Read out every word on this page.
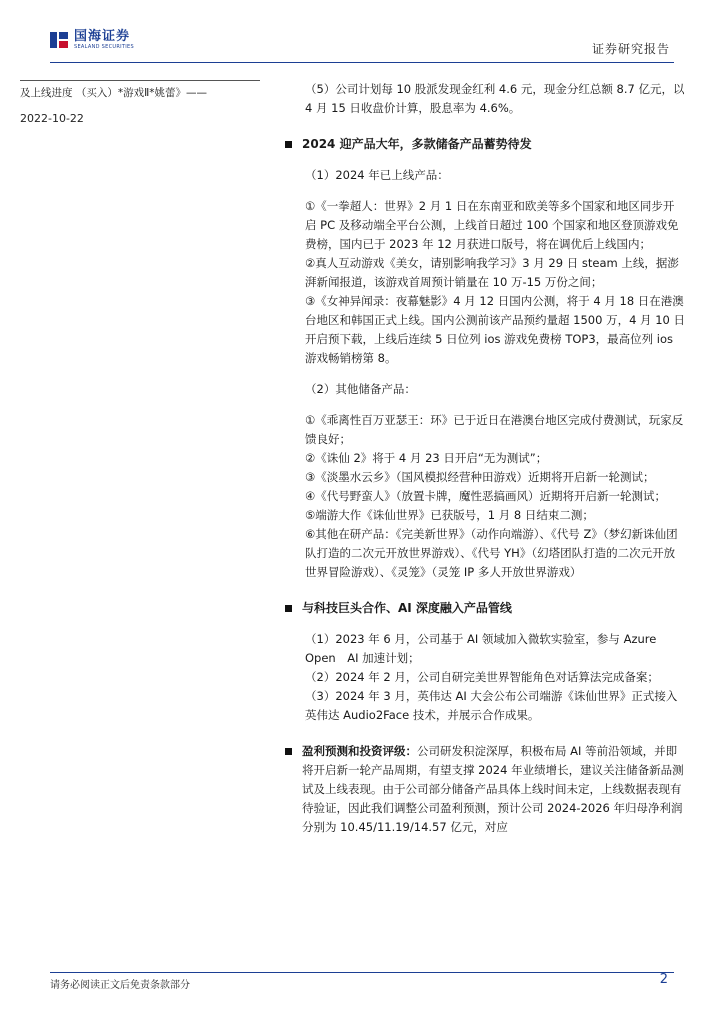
国海证券
SEALAND SECURITIES	证券研究报告
及上线进度 （买入）*游戏Ⅱ*姚蕾》——
2022-10-22

（5）公司计划每 10 股派发现金红利 4.6 元，现金分红总额 8.7 亿元，以 4 月 15 日收盘价计算，股息率为 4.6%。

2024 迎产品大年，多款储备产品蓄势待发

（1）2024 年已上线产品：

①《一拳超人：世界》2 月 1 日在东南亚和欧美等多个国家和地区同步开启 PC 及移动端全平台公测，上线首日超过 100 个国家和地区登顶游戏免费榜，国内已于 2023 年 12 月获进口版号，将在调优后上线国内；

②真人互动游戏《美女，请别影响我学习》3 月 29 日 steam 上线，据澎湃新闻报道，该游戏首周预计销量在 10 万-15 万份之间；

③《女神异闻录：夜幕魅影》4 月 12 日国内公测，将于 4 月 18 日在港澳台地区和韩国正式上线。国内公测前该产品预约量超 1500 万，4 月 10 日开启预下载，上线后连续 5 日位列 ios 游戏免费榜 TOP3，最高位列 ios 游戏畅销榜第 8。

（2）其他储备产品：

①《乖离性百万亚瑟王：环》已于近日在港澳台地区完成付费测试，玩家反馈良好；

②《诛仙 2》将于 4 月 23 日开启“无为测试”；

③《淡墨水云乡》（国风模拟经营种田游戏）近期将开启新一轮测试；

④《代号野蛮人》（放置卡牌，魔性恶搞画风）近期将开启新一轮测试；

⑤端游大作《诛仙世界》已获版号，1 月 8 日结束二测；

⑥其他在研产品：《完美新世界》（动作向端游）、《代号 Z》（梦幻新诛仙团队打造的二次元开放世界游戏）、《代号 YH》（幻塔团队打造的二次元开放世界冒险游戏）、《灵笼》（灵笼 IP 多人开放世界游戏）

与科技巨头合作、AI 深度融入产品管线

（1）2023 年 6 月，公司基于 AI 领域加入微软实验室，参与 Azure Open　AI 加速计划；

（2）2024 年 2 月，公司自研完美世界智能角色对话算法完成备案；

（3）2024 年 3 月，英伟达 AI 大会公布公司端游《诛仙世界》正式接入英伟达 Audio2Face 技术，并展示合作成果。

盈利预测和投资评级：公司研发积淀深厚，积极布局 AI 等前沿领域，并即将开启新一轮产品周期，有望支撑 2024 年业绩增长，建议关注储备新品测试及上线表现。由于公司部分储备产品具体上线时间未定，上线数据表现有待验证，因此我们调整公司盈利预测，预计公司 2024-2026 年归母净利润分别为 10.45/11.19/14.57 亿元，对应

请务必阅读正文后免责条款部分	2
